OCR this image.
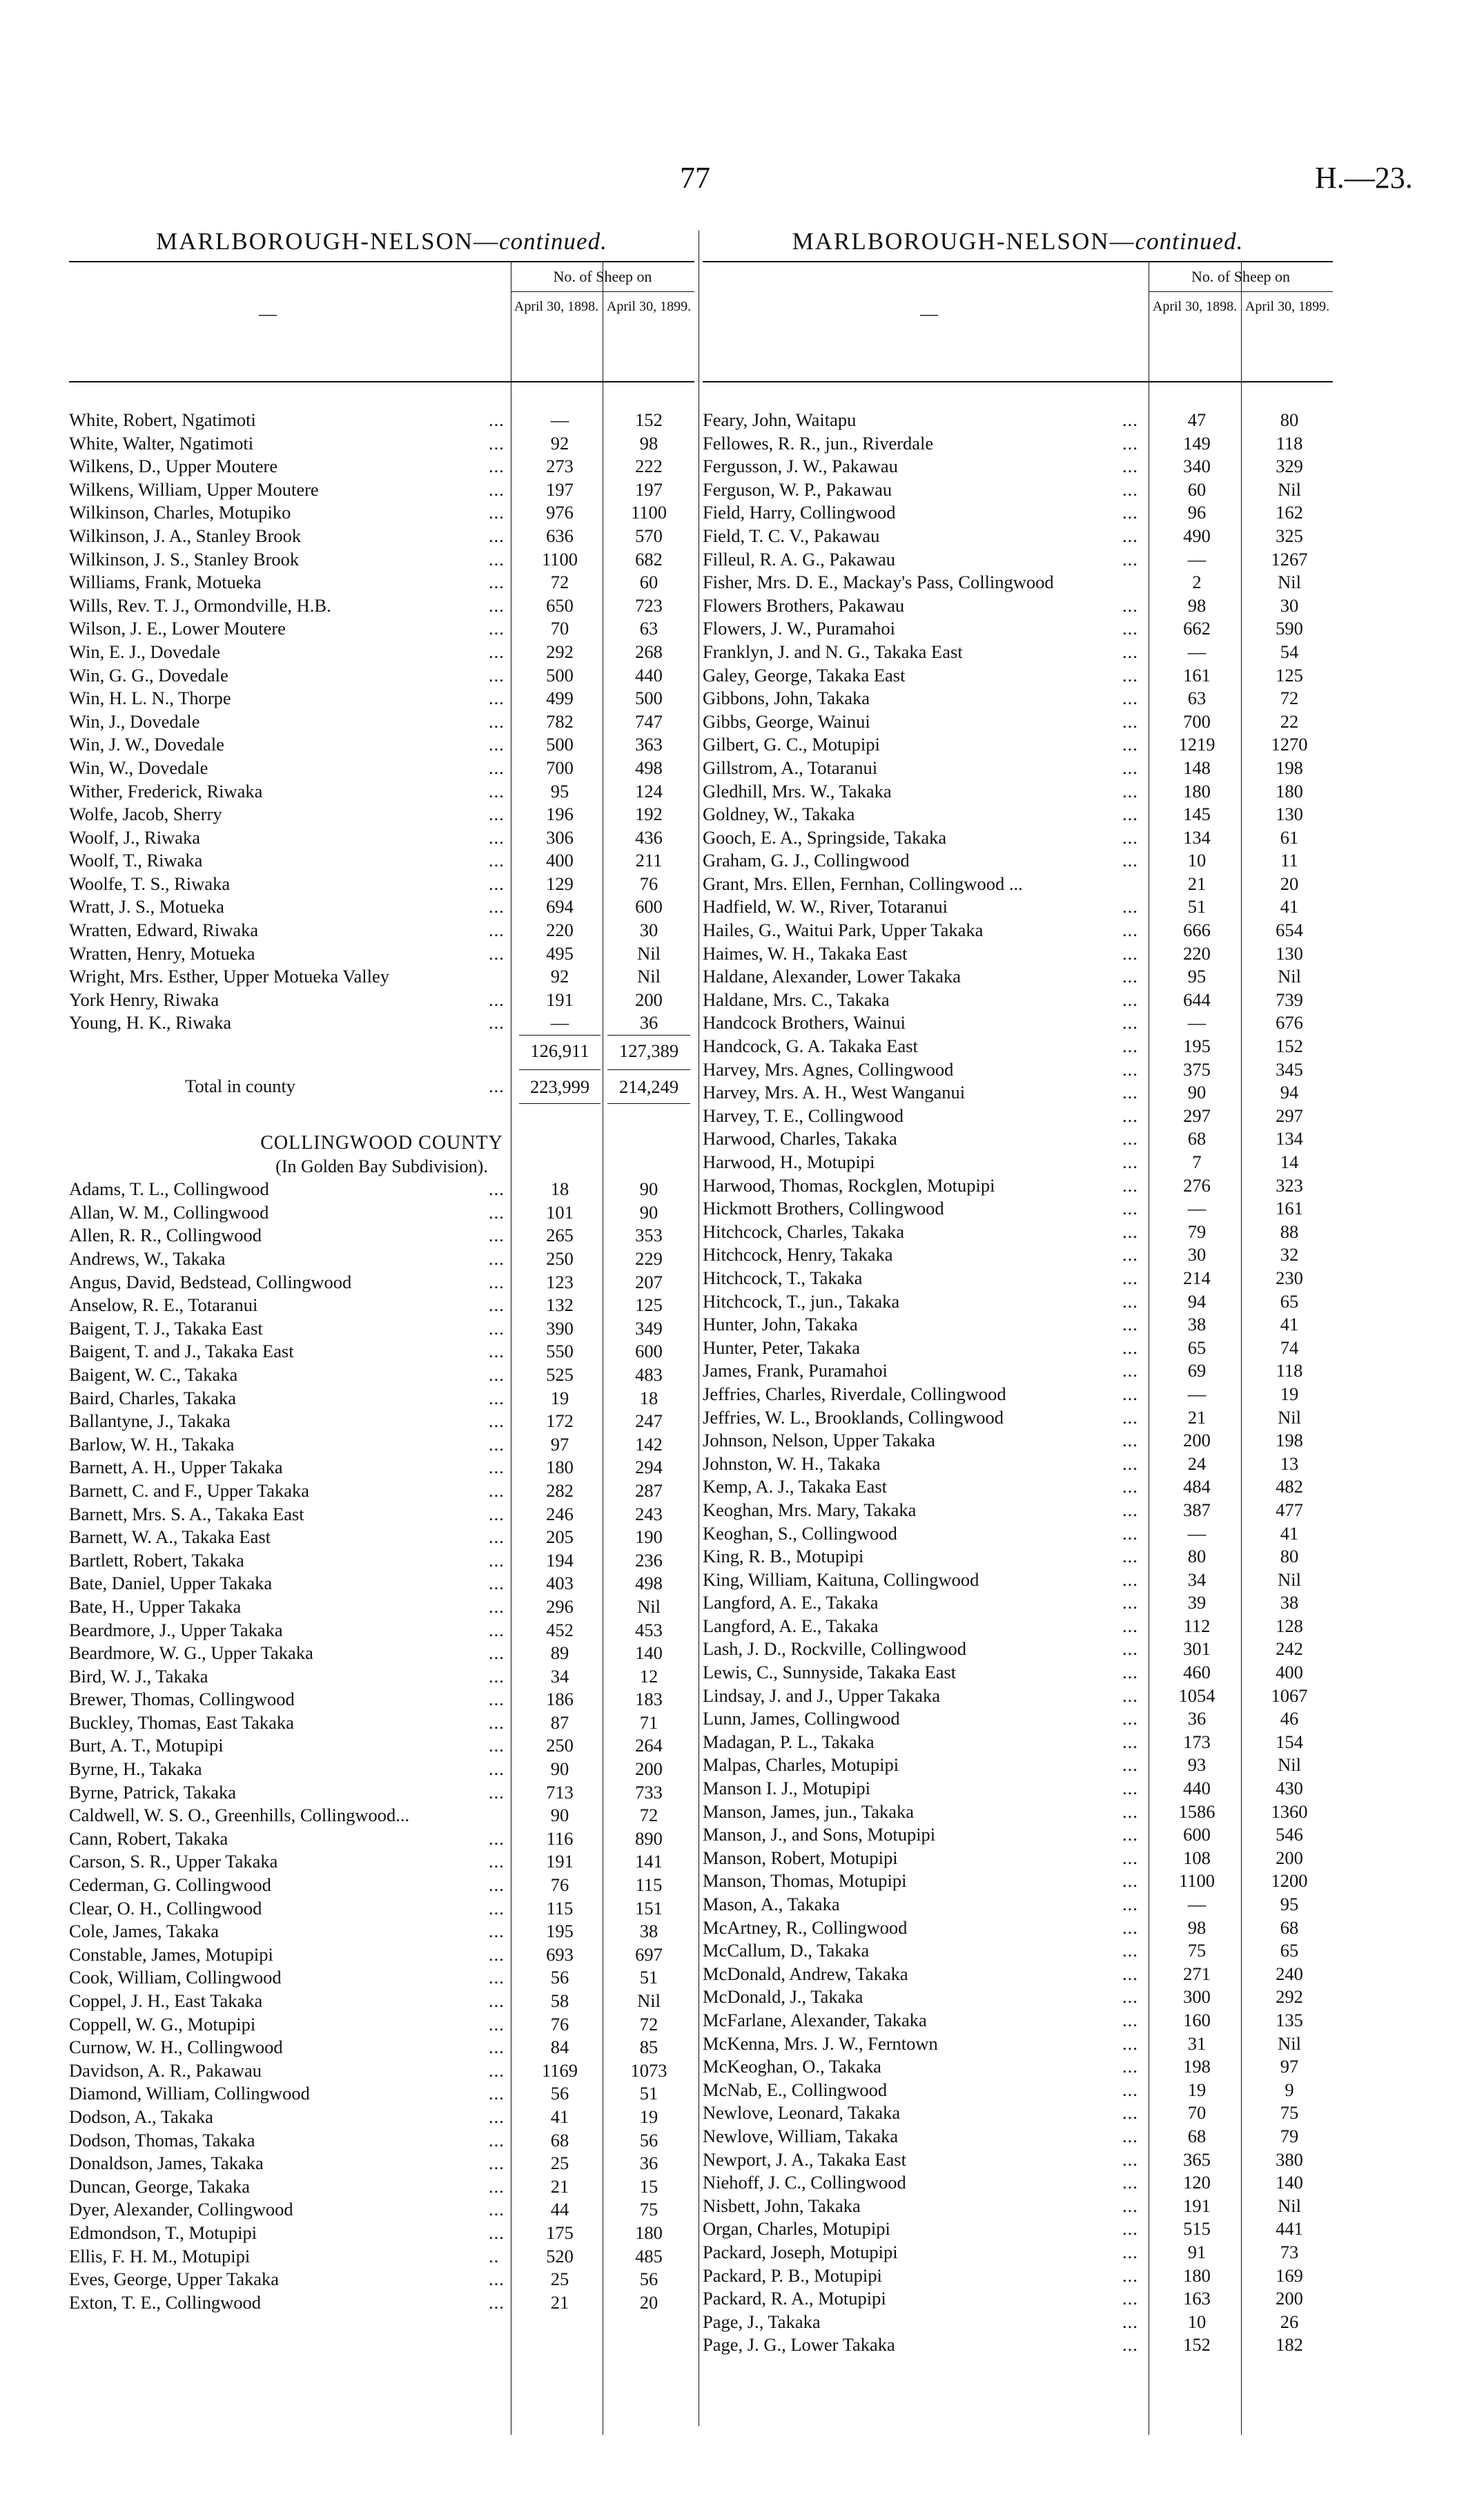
77	H.—23.
MARLBOROUGH-NELSON—continued.
—
No. of Sheep on
April 30, 1898. April 30, 1899.
White, Robert, Ngatimoti	...	—	152
White, Walter, Ngatimoti	...	92	98
Wilkens, D., Upper Moutere	...	273	222
Wilkens, William, Upper Moutere	...	197	197
Wilkinson, Charles, Motupiko	...	976	1100
Wilkinson, J. A., Stanley Brook	...	636	570
Wilkinson, J. S., Stanley Brook	...	1100	682
Williams, Frank, Motueka	...	72	60
Wills, Rev. T. J., Ormondville, H.B.	...	650	723
Wilson, J. E., Lower Moutere	...	70	63
Win, E. J., Dovedale	...	292	268
Win, G. G., Dovedale	...	500	440
Win, H. L. N., Thorpe	...	499	500
Win, J., Dovedale	...	782	747
Win, J. W., Dovedale	...	500	363
Win, W., Dovedale	...	700	498
Wither, Frederick, Riwaka	...	95	124
Wolfe, Jacob, Sherry	...	196	192
Woolf, J., Riwaka	...	306	436
Woolf, T., Riwaka	...	400	211
Woolfe, T. S., Riwaka	...	129	76
Wratt, J. S., Motueka	...	694	600
Wratten, Edward, Riwaka	...	220	30
Wratten, Henry, Motueka	...	495	Nil
Wright, Mrs. Esther, Upper Motueka Valley	92	Nil
York Henry, Riwaka	...	191	200
Young, H. K., Riwaka	...	—	36
126,911	127,389
Total in county	...	223,999	214,249
COLLINGWOOD COUNTY
(In Golden Bay Subdivision).
Adams, T. L., Collingwood	...	18	90
Allan, W. M., Collingwood	...	101	90
Allen, R. R., Collingwood	...	265	353
Andrews, W., Takaka	...	250	229
Angus, David, Bedstead, Collingwood	...	123	207
Anselow, R. E., Totaranui	...	132	125
Baigent, T. J., Takaka East	...	390	349
Baigent, T. and J., Takaka East	...	550	600
Baigent, W. C., Takaka	...	525	483
Baird, Charles, Takaka	...	19	18
Ballantyne, J., Takaka	...	172	247
Barlow, W. H., Takaka	...	97	142
Barnett, A. H., Upper Takaka	...	180	294
Barnett, C. and F., Upper Takaka	...	282	287
Barnett, Mrs. S. A., Takaka East	...	246	243
Barnett, W. A., Takaka East	...	205	190
Bartlett, Robert, Takaka	...	194	236
Bate, Daniel, Upper Takaka	...	403	498
Bate, H., Upper Takaka	...	296	Nil
Beardmore, J., Upper Takaka	...	452	453
Beardmore, W. G., Upper Takaka	...	89	140
Bird, W. J., Takaka	...	34	12
Brewer, Thomas, Collingwood	...	186	183
Buckley, Thomas, East Takaka	...	87	71
Burt, A. T., Motupipi	...	250	264
Byrne, H., Takaka	...	90	200
Byrne, Patrick, Takaka	...	713	733
Caldwell, W. S. O., Greenhills, Collingwood...	90	72
Cann, Robert, Takaka	...	116	890
Carson, S. R., Upper Takaka	...	191	141
Cederman, G. Collingwood	...	76	115
Clear, O. H., Collingwood	...	115	151
Cole, James, Takaka	...	195	38
Constable, James, Motupipi	...	693	697
Cook, William, Collingwood	...	56	51
Coppel, J. H., East Takaka	...	58	Nil
Coppell, W. G., Motupipi	...	76	72
Curnow, W. H., Collingwood	...	84	85
Davidson, A. R., Pakawau	...	1169	1073
Diamond, William, Collingwood	...	56	51
Dodson, A., Takaka	...	41	19
Dodson, Thomas, Takaka	...	68	56
Donaldson, James, Takaka	...	25	36
Duncan, George, Takaka	...	21	15
Dyer, Alexander, Collingwood	...	44	75
Edmondson, T., Motupipi	...	175	180
Ellis, F. H. M., Motupipi	..	520	485
Eves, George, Upper Takaka	...	25	56
Exton, T. E., Collingwood	...	21	20
MARLBOROUGH-NELSON—continued.
—
No. of Sheep on
April 30, 1898. April 30, 1899.
Feary, John, Waitapu	...	47	80
Fellowes, R. R., jun., Riverdale	...	149	118
Fergusson, J. W., Pakawau	...	340	329
Ferguson, W. P., Pakawau	...	60	Nil
Field, Harry, Collingwood	...	96	162
Field, T. C. V., Pakawau	...	490	325
Filleul, R. A. G., Pakawau	...	—	1267
Fisher, Mrs. D. E., Mackay's Pass, Collingwood	2	Nil
Flowers Brothers, Pakawau	...	98	30
Flowers, J. W., Puramahoi	...	662	590
Franklyn, J. and N. G., Takaka East	...	—	54
Galey, George, Takaka East	...	161	125
Gibbons, John, Takaka	...	63	72
Gibbs, George, Wainui	...	700	22
Gilbert, G. C., Motupipi	...	1219	1270
Gillstrom, A., Totaranui	...	148	198
Gledhill, Mrs. W., Takaka	...	180	180
Goldney, W., Takaka	...	145	130
Gooch, E. A., Springside, Takaka	...	134	61
Graham, G. J., Collingwood	...	10	11
Grant, Mrs. Ellen, Fernhan, Collingwood ...	21	20
Hadfield, W. W., River, Totaranui	...	51	41
Hailes, G., Waitui Park, Upper Takaka	...	666	654
Haimes, W. H., Takaka East	...	220	130
Haldane, Alexander, Lower Takaka	...	95	Nil
Haldane, Mrs. C., Takaka	...	644	739
Handcock Brothers, Wainui	...	—	676
Handcock, G. A. Takaka East	...	195	152
Harvey, Mrs. Agnes, Collingwood	...	375	345
Harvey, Mrs. A. H., West Wanganui	...	90	94
Harvey, T. E., Collingwood	...	297	297
Harwood, Charles, Takaka	...	68	134
Harwood, H., Motupipi	...	7	14
Harwood, Thomas, Rockglen, Motupipi	...	276	323
Hickmott Brothers, Collingwood	...	—	161
Hitchcock, Charles, Takaka	...	79	88
Hitchcock, Henry, Takaka	...	30	32
Hitchcock, T., Takaka	...	214	230
Hitchcock, T., jun., Takaka	...	94	65
Hunter, John, Takaka	...	38	41
Hunter, Peter, Takaka	...	65	74
James, Frank, Puramahoi	...	69	118
Jeffries, Charles, Riverdale, Collingwood	...	—	19
Jeffries, W. L., Brooklands, Collingwood	...	21	Nil
Johnson, Nelson, Upper Takaka	...	200	198
Johnston, W. H., Takaka	...	24	13
Kemp, A. J., Takaka East	...	484	482
Keoghan, Mrs. Mary, Takaka	...	387	477
Keoghan, S., Collingwood	...	—	41
King, R. B., Motupipi	...	80	80
King, William, Kaituna, Collingwood	...	34	Nil
Langford, A. E., Takaka	...	39	38
Langford, A. E., Takaka	...	112	128
Lash, J. D., Rockville, Collingwood	...	301	242
Lewis, C., Sunnyside, Takaka East	...	460	400
Lindsay, J. and J., Upper Takaka	...	1054	1067
Lunn, James, Collingwood	...	36	46
Madagan, P. L., Takaka	...	173	154
Malpas, Charles, Motupipi	...	93	Nil
Manson I. J., Motupipi	...	440	430
Manson, James, jun., Takaka	...	1586	1360
Manson, J., and Sons, Motupipi	...	600	546
Manson, Robert, Motupipi	...	108	200
Manson, Thomas, Motupipi	...	1100	1200
Mason, A., Takaka	...	—	95
McArtney, R., Collingwood	...	98	68
McCallum, D., Takaka	...	75	65
McDonald, Andrew, Takaka	...	271	240
McDonald, J., Takaka	...	300	292
McFarlane, Alexander, Takaka	...	160	135
McKenna, Mrs. J. W., Ferntown	...	31	Nil
McKeoghan, O., Takaka	...	198	97
McNab, E., Collingwood	...	19	9
Newlove, Leonard, Takaka	...	70	75
Newlove, William, Takaka	...	68	79
Newport, J. A., Takaka East	...	365	380
Niehoff, J. C., Collingwood	...	120	140
Nisbett, John, Takaka	...	191	Nil
Organ, Charles, Motupipi	...	515	441
Packard, Joseph, Motupipi	...	91	73
Packard, P. B., Motupipi	...	180	169
Packard, R. A., Motupipi	...	163	200
Page, J., Takaka	...	10	26
Page, J. G., Lower Takaka	...	152	182
